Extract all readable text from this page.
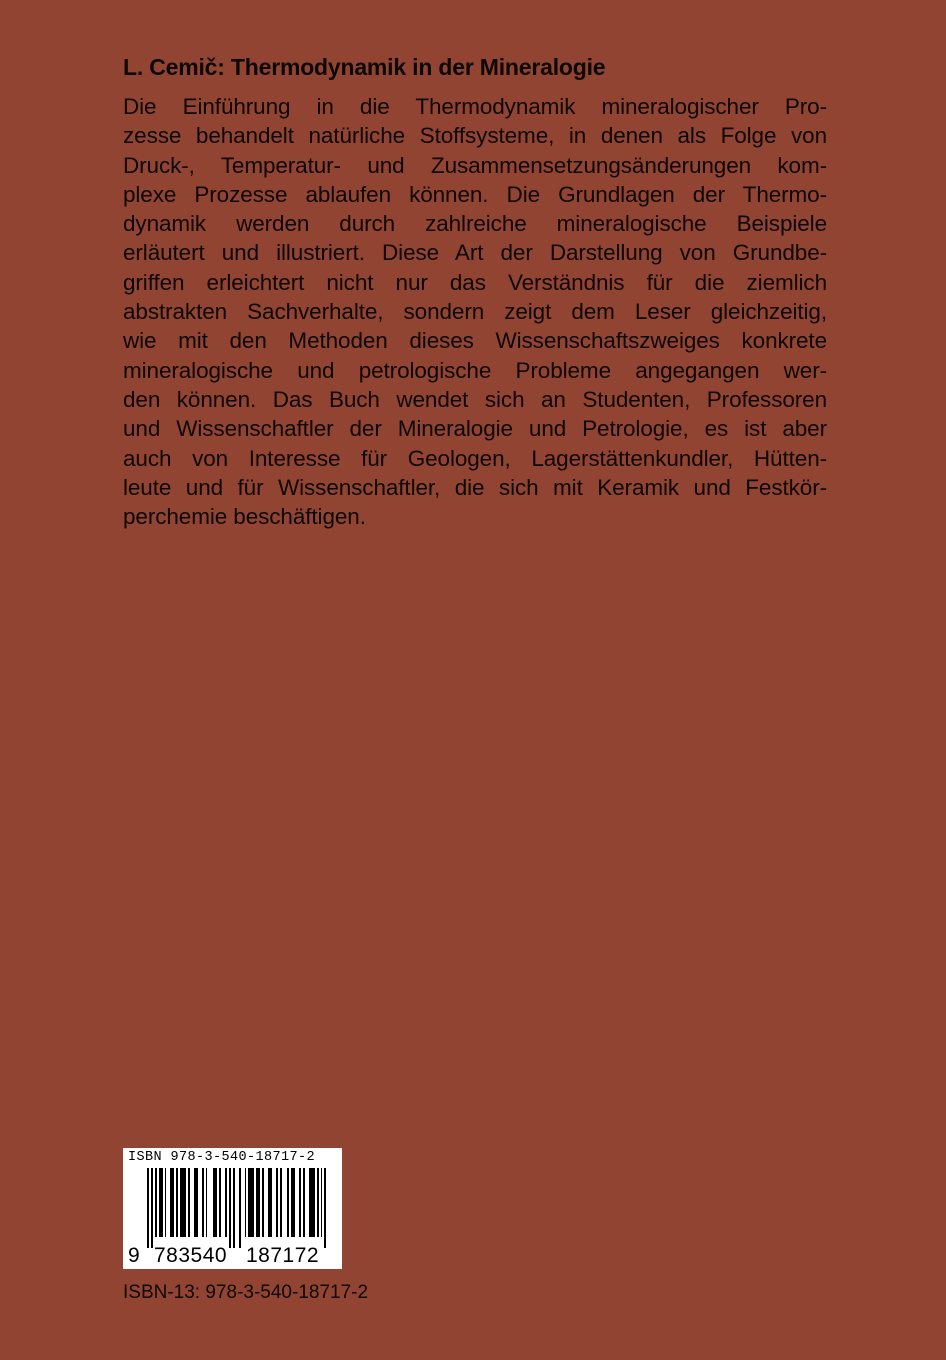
L. Cemič: Thermodynamik in der Mineralogie

Die Einführung in die Thermodynamik mineralogischer Pro-
zesse behandelt natürliche Stoffsysteme, in denen als Folge von
Druck-, Temperatur- und Zusammensetzungsänderungen kom-
plexe Prozesse ablaufen können. Die Grundlagen der Thermo-
dynamik werden durch zahlreiche mineralogische Beispiele
erläutert und illustriert. Diese Art der Darstellung von Grundbe-
griffen erleichtert nicht nur das Verständnis für die ziemlich
abstrakten Sachverhalte, sondern zeigt dem Leser gleichzeitig,
wie mit den Methoden dieses Wissenschaftszweiges konkrete
mineralogische und petrologische Probleme angegangen wer-
den können. Das Buch wendet sich an Studenten, Professoren
und Wissenschaftler der Mineralogie und Petrologie, es ist aber
auch von Interesse für Geologen, Lagerstättenkundler, Hütten-
leute und für Wissenschaftler, die sich mit Keramik und Festkör-
perchemie beschäftigen.

ISBN 978-3-540-18717-2
9 783540 187172
ISBN-13: 978-3-540-18717-2
